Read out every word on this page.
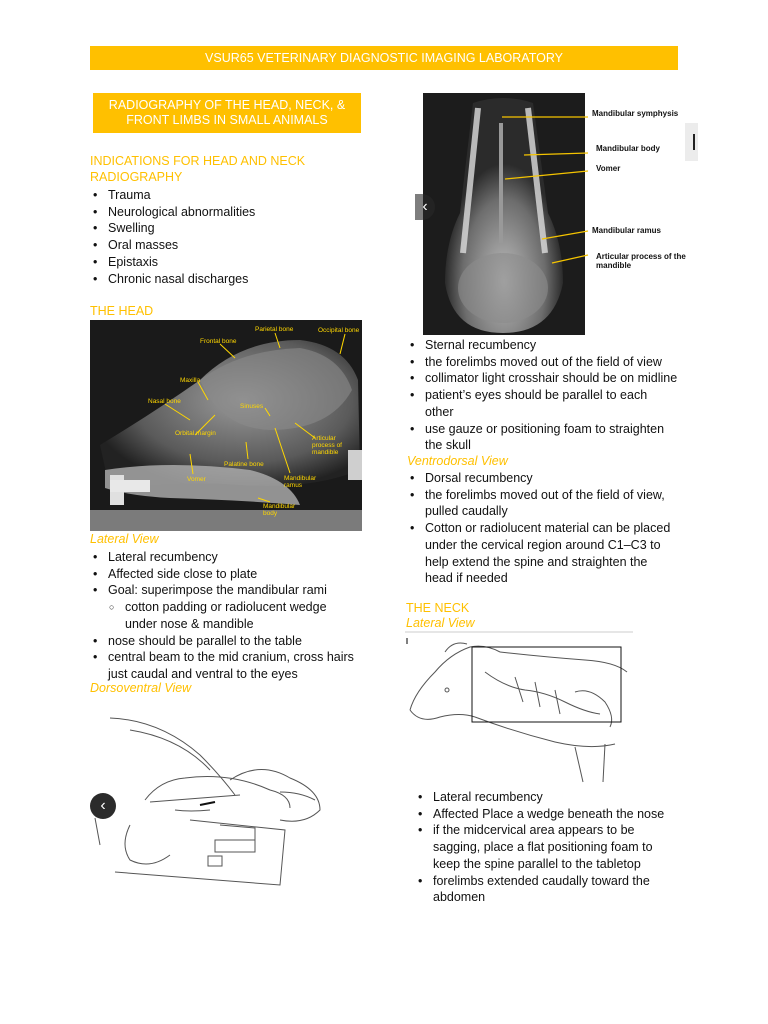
VSUR65 VETERINARY DIAGNOSTIC IMAGING LABORATORY
RADIOGRAPHY OF THE HEAD, NECK, & FRONT LIMBS IN SMALL ANIMALS
INDICATIONS FOR HEAD AND NECK RADIOGRAPHY
• Trauma
• Neurological abnormalities
• Swelling
• Oral masses
• Epistaxis
• Chronic nasal discharges
THE HEAD
Parietal bone	Occipital bone
Frontal bone
Maxilla
Nasal bone
Sinuses
Orbital margin
Articular process of mandible
Palatine bone
Vomer	Mandibular ramus
Mandibular body
Lateral View
• Lateral recumbency
• Affected side close to plate
• Goal: superimpose the mandibular rami
○ cotton padding or radiolucent wedge under nose & mandible
• nose should be parallel to the table
• central beam to the mid cranium, cross hairs just caudal and ventral to the eyes
Dorsoventral View
‹
‹
Mandibular symphysis
Mandibular body
Vomer
Mandibular ramus
Articular process of the mandible
• Sternal recumbency
• the forelimbs moved out of the field of view
• collimator light crosshair should be on midline
• patient’s eyes should be parallel to each other
• use gauze or positioning foam to straighten the skull
Ventrodorsal View
• Dorsal recumbency
• the forelimbs moved out of the field of view, pulled caudally
• Cotton or radiolucent material can be placed under the cervical region around C1–C3 to help extend the spine and straighten the head if needed
THE NECK
Lateral View
• Lateral recumbency
• Affected Place a wedge beneath the nose
• if the midcervical area appears to be sagging, place a flat positioning foam to keep the spine parallel to the tabletop
• forelimbs extended caudally toward the abdomen
